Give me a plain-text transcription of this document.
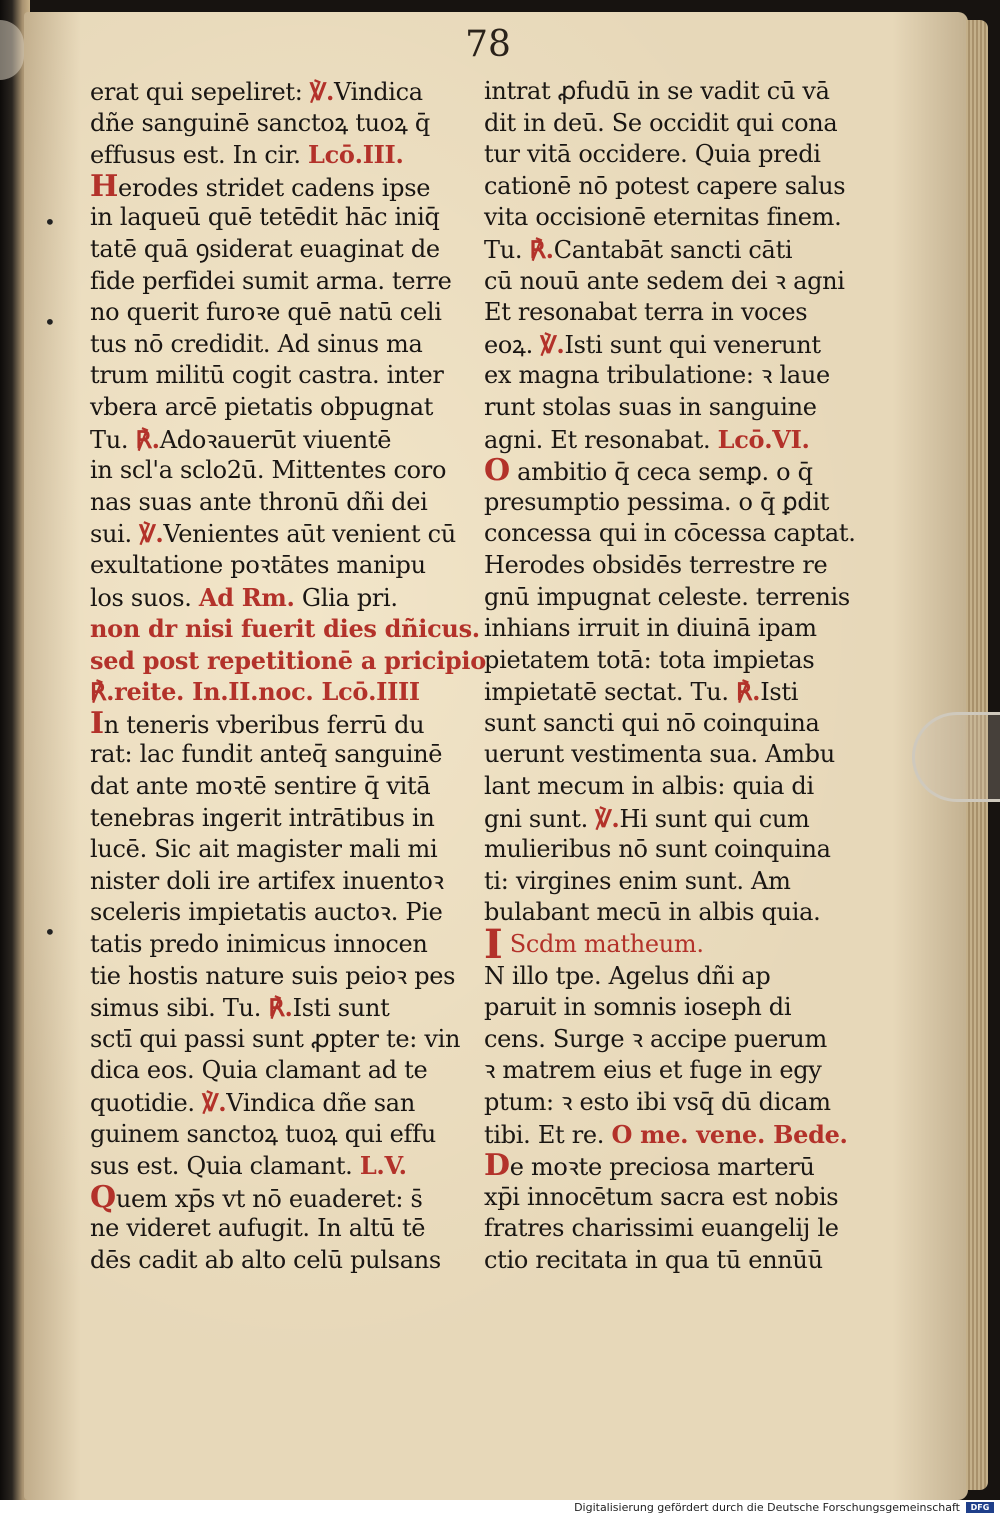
•
•
•
78
erat qui sepeliret: ℣.Vindica
dñe sanguinē sanctoꝝ tuoꝝ q̄
effusus est. In cir. Lcō.III.
Herodes stridet cadens ipse
in laqueū quē tetēdit hāc iniq̄
tatē quā ꝯsiderat euaginat de
fide perfidei sumit arma. terre
no querit furoꝛe quē natū celi
tus nō credidit. Ad sinus ma
trum militū cogit castra. inter
vbera arcē pietatis obpugnat
Tu. ℟.Adoꝛauerūt viuentē
in scl'a sclo2ū. Mittentes coro
nas suas ante thronū dñi dei
sui. ℣.Venientes aūt venient cū
exultatione poꝛtātes manipu
los suos. Ad Rm. Glia pri.
non dr nisi fuerit dies dñicus.
sed post repetitionē a pricipio
℟.reite. In.II.noc. Lcō.IIII
In teneris vberibus ferrū du
rat: lac fundit anteq̄ sanguinē
dat ante moꝛtē sentire q̄ vitā
tenebras ingerit intrātibus in
lucē. Sic ait magister mali mi
nister doli ire artifex inuentoꝛ
sceleris impietatis auctoꝛ. Pie
tatis predo inimicus innocen
tie hostis nature suis peioꝛ pes
simus sibi. Tu. ℟.Isti sunt
sctī qui passi sunt ꝓpter te: vin
dica eos. Quia clamant ad te
quotidie. ℣.Vindica dñe san
guinem sanctoꝝ tuoꝝ qui effu
sus est. Quia clamant. L.V.
Quem xp̄s vt nō euaderet: s̄
ne videret aufugit. In altū tē
dēs cadit ab alto celū pulsans
intrat ꝓfudū in se vadit cū vā
dit in deū. Se occidit qui cona
tur vitā occidere. Quia predi
cationē nō potest capere salus
vita occisionē eternitas finem.
Tu. ℟.Cantabāt sancti cāti
cū nouū ante sedem dei ꝛ agni
Et resonabat terra in voces
eoꝝ. ℣.Isti sunt qui venerunt
ex magna tribulatione: ꝛ laue
runt stolas suas in sanguine
agni. Et resonabat. Lcō.VI.
O ambitio q̄ ceca semꝑ. o q̄
presumptio pessima. o q̄ ꝑdit
concessa qui in cōcessa captat.
Herodes obsidēs terrestre re
gnū impugnat celeste. terrenis
inhians irruit in diuinā ipam
pietatem totā: tota impietas
impietatē sectat. Tu. ℟.Isti
sunt sancti qui nō coinquina
uerunt vestimenta sua. Ambu
lant mecum in albis: quia di
gni sunt. ℣.Hi sunt qui cum
mulieribus nō sunt coinquina
ti: virgines enim sunt. Am
bulabant mecū in albis quia.
I Scdm matheum.
N illo tpe. Agelus dñi ap
paruit in somnis ioseph di
cens. Surge ꝛ accipe puerum
ꝛ matrem eius et fuge in egy
ptum: ꝛ esto ibi vsq̄ dū dicam
tibi. Et re. O me. vene. Bede.
De moꝛte preciosa marterū
xp̄i innocētum sacra est nobis
fratres charissimi euangelij le
ctio recitata in qua tū ennūū
Digitalisierung gefördert durch die Deutsche Forschungsgemeinschaft	DFG
